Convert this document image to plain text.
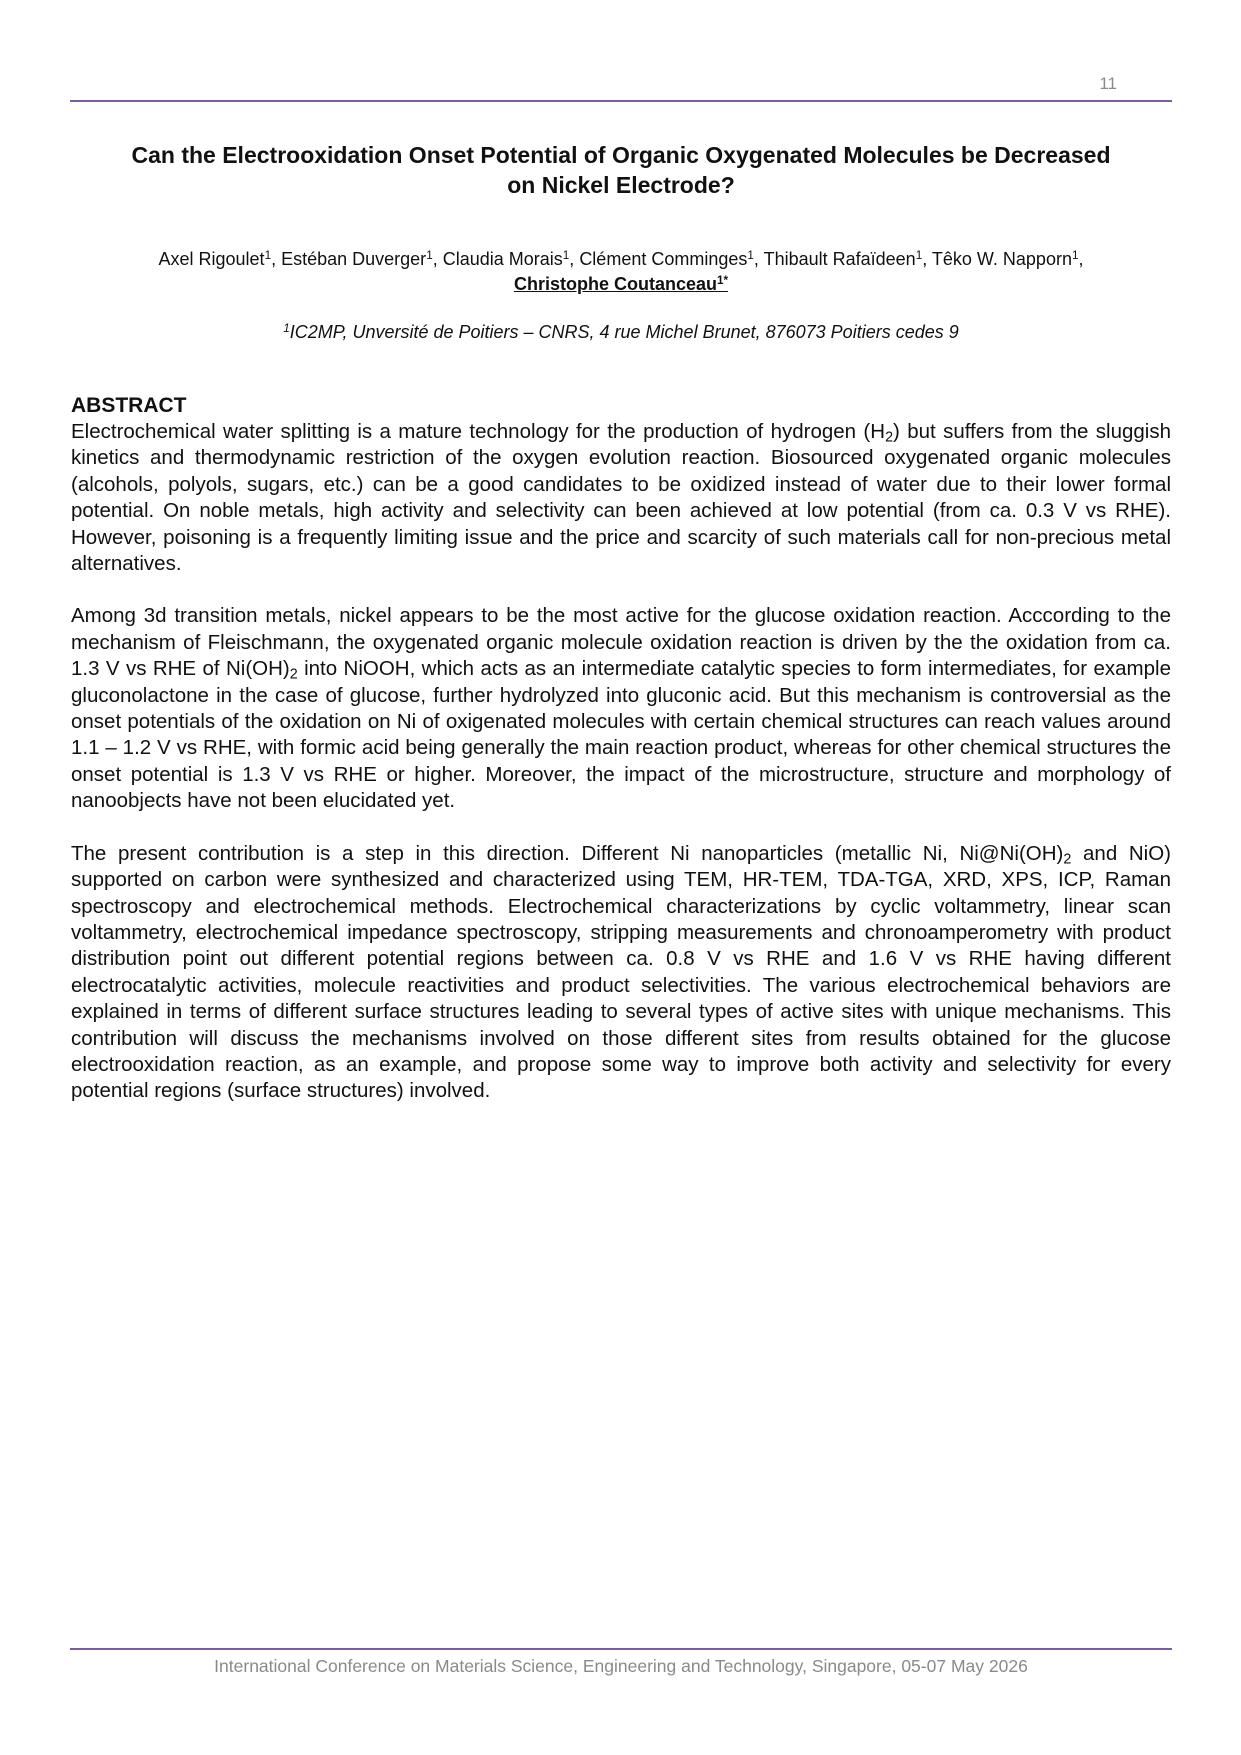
11
Can the Electrooxidation Onset Potential of Organic Oxygenated Molecules be Decreased
on Nickel Electrode?
Axel Rigoulet$^1$, Estéban Duverger$^1$, Claudia Morais$^1$, Clément Comminges$^1$, Thibault Rafaïdeen$^1$, Têko W. Napporn$^1$,
Christophe Coutanceau$^{1*}$
$^1$IC2MP, Unversité de Poitiers – CNRS, 4 rue Michel Brunet, 876073 Poitiers cedes 9
ABSTRACT

Electrochemical water splitting is a mature technology for the production of hydrogen $(H_2)$ but suffers from the sluggish kinetics and thermodynamic restriction of the oxygen evolution reaction. Biosourced oxygenated organic molecules (alcohols, polyols, sugars, etc.) can be a good candidates to be oxidized instead of water due to their lower formal potential. On noble metals, high activity and selectivity can been achieved at low potential (from ca. 0.3 V vs RHE). However, poisoning is a frequently limiting issue and the price and scarcity of such materials call for non-precious metal alternatives.

Among 3d transition metals, nickel appears to be the most active for the glucose oxidation reaction. Acccording to the mechanism of Fleischmann, the oxygenated organic molecule oxidation reaction is driven by the the oxidation from ca. 1.3 V vs RHE of $Ni(OH)_2$ into NiOOH, which acts as an intermediate catalytic species to form intermediates, for example gluconolactone in the case of glucose, further hydrolyzed into gluconic acid. But this mechanism is controversial as the onset potentials of the oxidation on Ni of oxigenated molecules with certain chemical structures can reach values around 1.1 – 1.2 V vs RHE, with formic acid being generally the main reaction product, whereas for other chemical structures the onset potential is 1.3 V vs RHE or higher. Moreover, the impact of the microstructure, structure and morphology of nanoobjects have not been elucidated yet.

The present contribution is a step in this direction. Different Ni nanoparticles (metallic Ni, $Ni@Ni(OH)_2$ and NiO) supported on carbon were synthesized and characterized using TEM, HR-TEM, TDA-TGA, XRD, XPS, ICP, Raman spectroscopy and electrochemical methods. Electrochemical characterizations by cyclic voltammetry, linear scan voltammetry, electrochemical impedance spectroscopy, stripping measurements and chronoamperometry with product distribution point out different potential regions between ca. 0.8 V vs RHE and 1.6 V vs RHE having different electrocatalytic activities, molecule reactivities and product selectivities. The various electrochemical behaviors are explained in terms of different surface structures leading to several types of active sites with unique mechanisms. This contribution will discuss the mechanisms involved on those different sites from results obtained for the glucose electrooxidation reaction, as an example, and propose some way to improve both activity and selectivity for every potential regions (surface structures) involved.

International Conference on Materials Science, Engineering and Technology, Singapore, 05-07 May 2026
